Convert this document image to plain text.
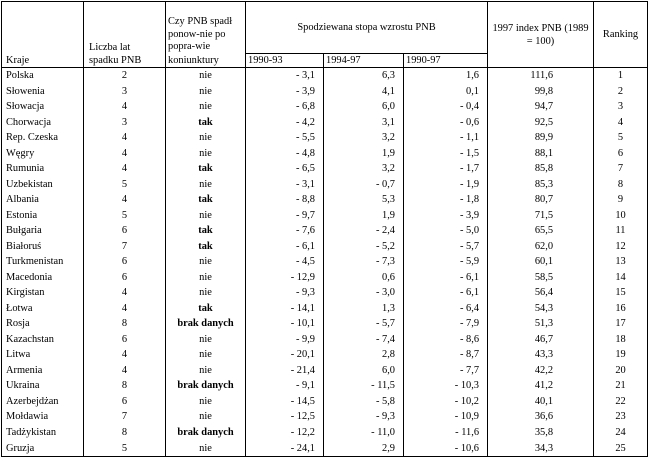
Kraje	Liczba lat spadku PNB	Czy PNB spadł ponow-nie po popra-wie	Spodziewana stopa wzrostu PNB			1997 index PNB (1989 = 100)	Ranking
		koniunktury	1990-93	1994-97	1990-97		
Polska	2	nie	- 3,1	6,3	1,6	111,6	1
Słowenia	3	nie	- 3,9	4,1	0,1	99,8	2
Słowacja	4	nie	- 6,8	6,0	- 0,4	94,7	3
Chorwacja	3	tak	- 4,2	3,1	- 0,6	92,5	4
Rep. Czeska	4	nie	- 5,5	3,2	- 1,1	89,9	5
Węgry	4	nie	- 4,8	1,9	- 1,5	88,1	6
Rumunia	4	tak	- 6,5	3,2	- 1,7	85,8	7
Uzbekistan	5	nie	- 3,1	- 0,7	- 1,9	85,3	8
Albania	4	tak	- 8,8	5,3	- 1,8	80,7	9
Estonia	5	nie	- 9,7	1,9	- 3,9	71,5	10
Bułgaria	6	tak	- 7,6	- 2,4	- 5,0	65,5	11
Białoruś	7	tak	- 6,1	- 5,2	- 5,7	62,0	12
Turkmenistan	6	nie	- 4,5	- 7,3	- 5,9	60,1	13
Macedonia	6	nie	- 12,9	0,6	- 6,1	58,5	14
Kirgistan	4	nie	- 9,3	- 3,0	- 6,1	56,4	15
Łotwa	4	tak	- 14,1	1,3	- 6,4	54,3	16
Rosja	8	brak danych	- 10,1	- 5,7	- 7,9	51,3	17
Kazachstan	6	nie	- 9,9	- 7,4	- 8,6	46,7	18
Litwa	4	nie	- 20,1	2,8	- 8,7	43,3	19
Armenia	4	nie	- 21,4	6,0	- 7,7	42,2	20
Ukraina	8	brak danych	- 9,1	- 11,5	- 10,3	41,2	21
Azerbejdżan	6	nie	- 14,5	- 5,8	- 10,2	40,1	22
Mołdawia	7	nie	- 12,5	- 9,3	- 10,9	36,6	23
Tadżykistan	8	brak danych	- 12,2	- 11,0	- 11,6	35,8	24
Gruzja	5	nie	- 24,1	2,9	- 10,6	34,3	25
